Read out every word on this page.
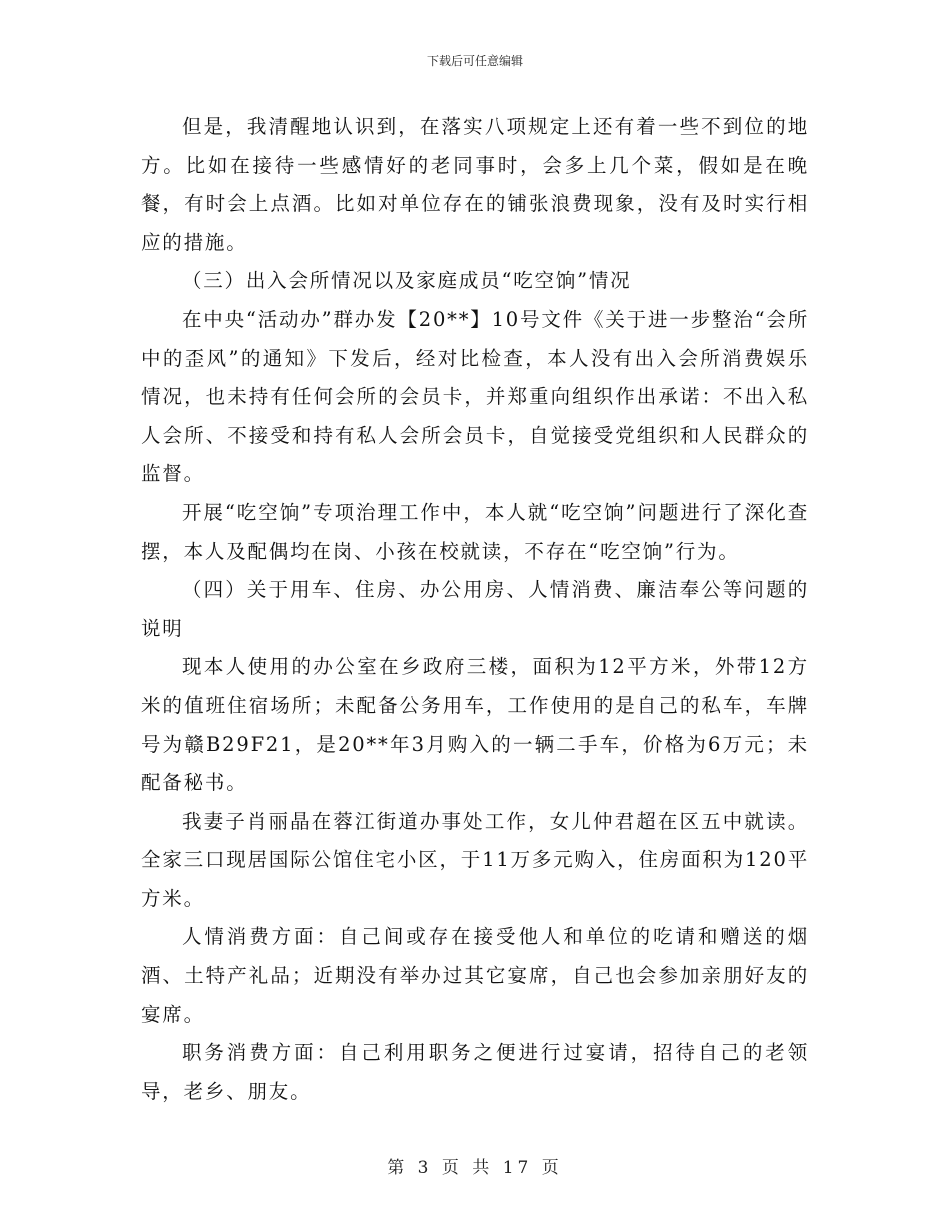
下载后可任意编辑

但是，我清醒地认识到，在落实八项规定上还有着一些不到位的地方。比如在接待一些感情好的老同事时，会多上几个菜，假如是在晚餐，有时会上点酒。比如对单位存在的铺张浪费现象，没有及时实行相应的措施。

（三）出入会所情况以及家庭成员“吃空饷”情况

在中央“活动办”群办发【20**】10号文件《关于进一步整治“会所中的歪风”的通知》下发后，经对比检查，本人没有出入会所消费娱乐情况，也未持有任何会所的会员卡，并郑重向组织作出承诺：不出入私人会所、不接受和持有私人会所会员卡，自觉接受党组织和人民群众的监督。

开展“吃空饷”专项治理工作中，本人就“吃空饷”问题进行了深化查摆，本人及配偶均在岗、小孩在校就读，不存在“吃空饷”行为。

（四）关于用车、住房、办公用房、人情消费、廉洁奉公等问题的说明

现本人使用的办公室在乡政府三楼，面积为12平方米，外带12方米的值班住宿场所；未配备公务用车，工作使用的是自己的私车，车牌号为赣B29F21，是20**年3月购入的一辆二手车，价格为6万元；未配备秘书。

我妻子肖丽晶在蓉江街道办事处工作，女儿仲君超在区五中就读。全家三口现居国际公馆住宅小区，于11万多元购入，住房面积为120平方米。

人情消费方面：自己间或存在接受他人和单位的吃请和赠送的烟酒、土特产礼品；近期没有举办过其它宴席，自己也会参加亲朋好友的宴席。

职务消费方面：自己利用职务之便进行过宴请，招待自己的老领导，老乡、朋友。

第 3 页 共 17 页
